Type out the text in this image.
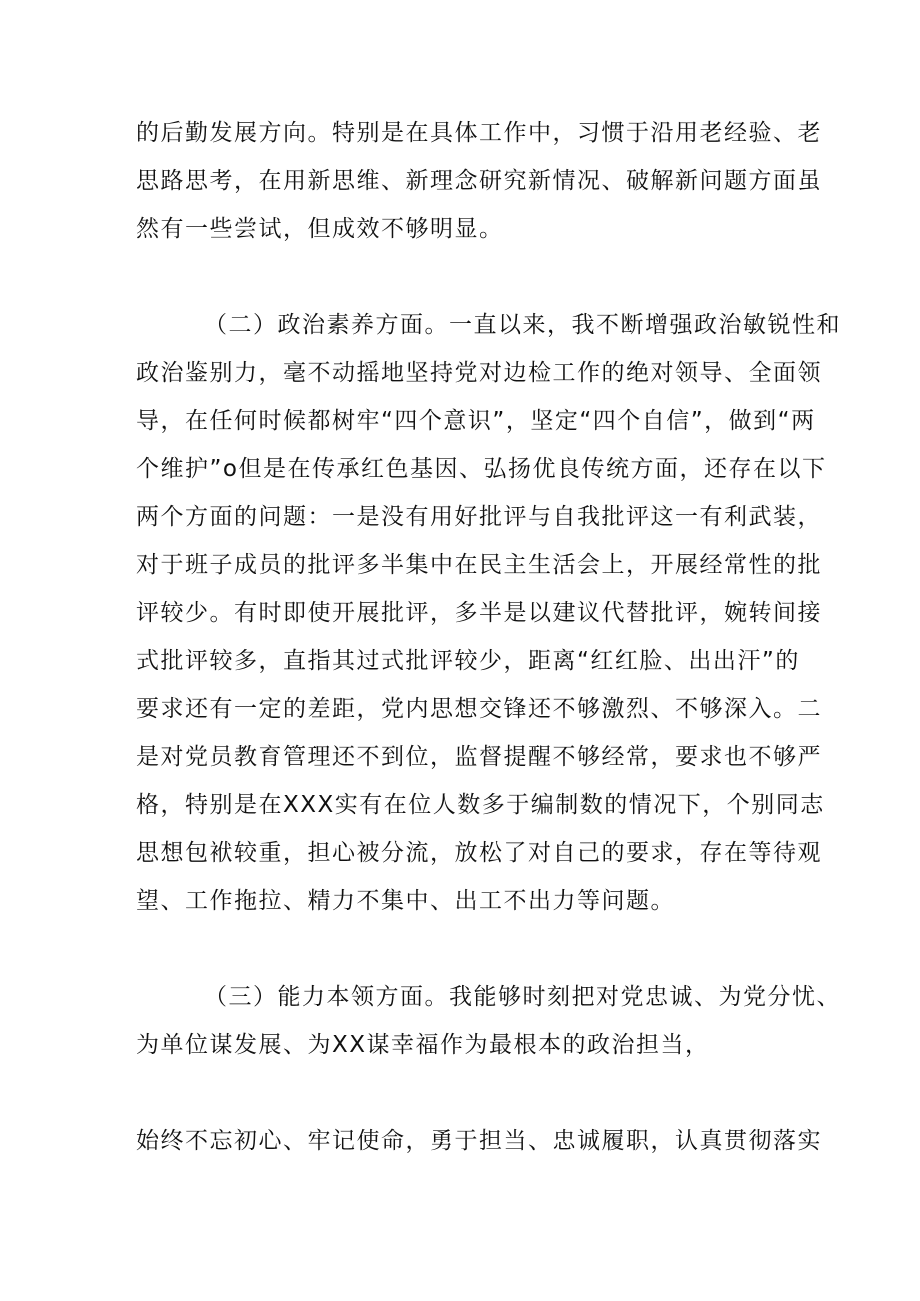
的后勤发展方向。特别是在具体工作中，习惯于沿用老经验、老

思路思考，在用新思维、新理念研究新情况、破解新问题方面虽

然有一些尝试，但成效不够明显。

（二）政治素养方面。一直以来，我不断增强政治敏锐性和

政治鉴别力，毫不动摇地坚持党对边检工作的绝对领导、全面领

导，在任何时候都树牢“四个意识”，坚定“四个自信”，做到“两

个维护”o但是在传承红色基因、弘扬优良传统方面，还存在以下

两个方面的问题：一是没有用好批评与自我批评这一有利武装，

对于班子成员的批评多半集中在民主生活会上，开展经常性的批

评较少。有时即使开展批评，多半是以建议代替批评，婉转间接

式批评较多，直指其过式批评较少，距离“红红脸、出出汗”的

要求还有一定的差距，党内思想交锋还不够激烈、不够深入。二

是对党员教育管理还不到位，监督提醒不够经常，要求也不够严

格，特别是在XXX实有在位人数多于编制数的情况下，个别同志

思想包袱较重，担心被分流，放松了对自己的要求，存在等待观

望、工作拖拉、精力不集中、出工不出力等问题。

（三）能力本领方面。我能够时刻把对党忠诚、为党分忧、

为单位谋发展、为XX谋幸福作为最根本的政治担当，

始终不忘初心、牢记使命，勇于担当、忠诚履职，认真贯彻落实
